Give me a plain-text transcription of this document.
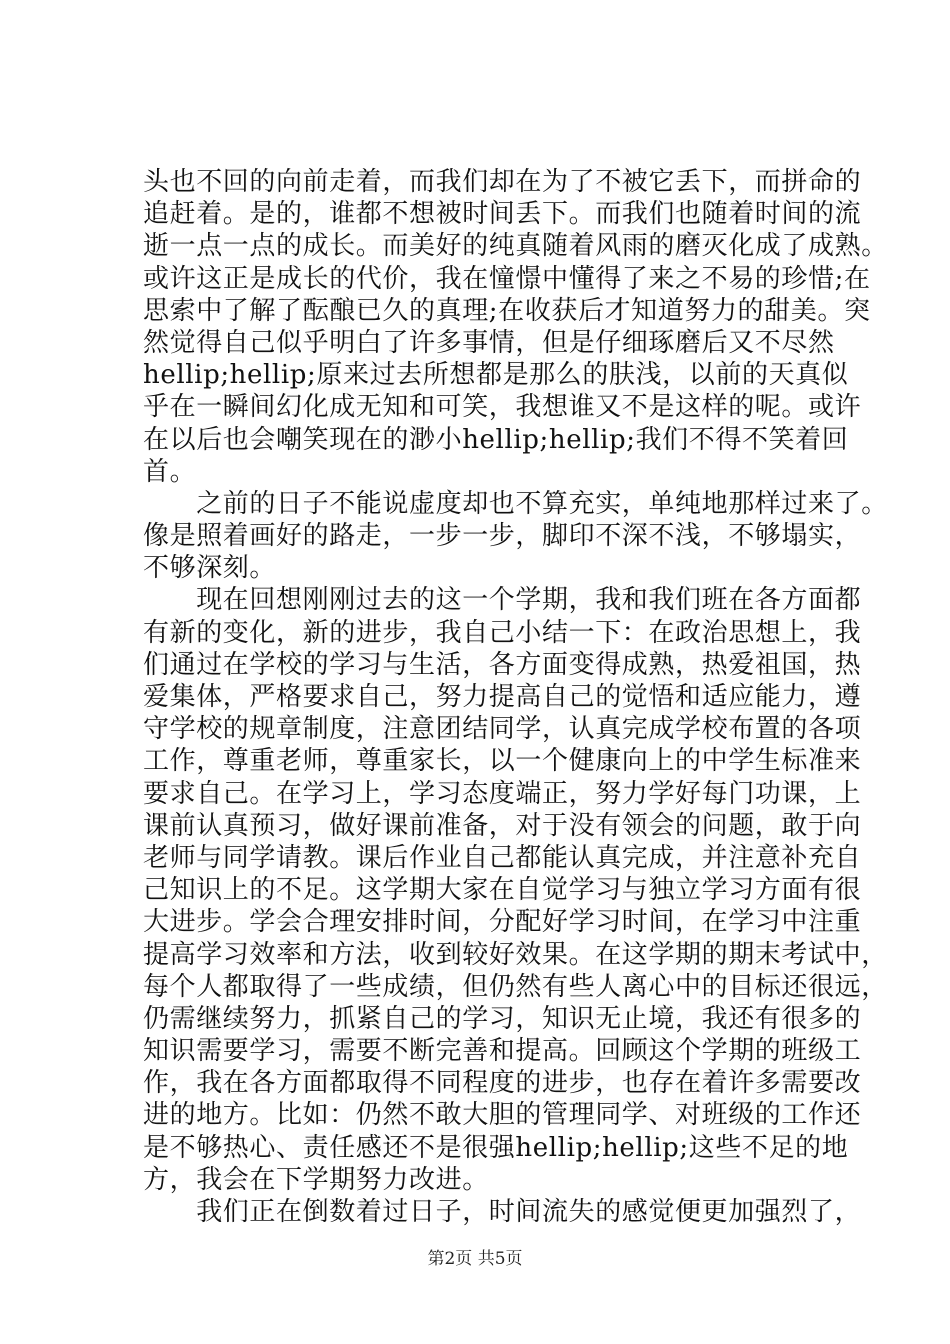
头也不回的向前走着，而我们却在为了不被它丢下，而拼命的
追赶着。是的，谁都不想被时间丢下。而我们也随着时间的流
逝一点一点的成长。而美好的纯真随着风雨的磨灭化成了成熟。
或许这正是成长的代价，我在憧憬中懂得了来之不易的珍惜;在
思索中了解了酝酿已久的真理;在收获后才知道努力的甜美。突
然觉得自己似乎明白了许多事情，但是仔细琢磨后又不尽然
hellip;hellip;原来过去所想都是那么的肤浅，以前的天真似
乎在一瞬间幻化成无知和可笑，我想谁又不是这样的呢。或许
在以后也会嘲笑现在的渺小hellip;hellip;我们不得不笑着回
首。
　　之前的日子不能说虚度却也不算充实，单纯地那样过来了。
像是照着画好的路走，一步一步，脚印不深不浅，不够塌实，
不够深刻。
　　现在回想刚刚过去的这一个学期，我和我们班在各方面都
有新的变化，新的进步，我自己小结一下：在政治思想上，我
们通过在学校的学习与生活，各方面变得成熟，热爱祖国，热
爱集体，严格要求自己，努力提高自己的觉悟和适应能力，遵
守学校的规章制度，注意团结同学，认真完成学校布置的各项
工作，尊重老师，尊重家长，以一个健康向上的中学生标准来
要求自己。在学习上，学习态度端正，努力学好每门功课，上
课前认真预习，做好课前准备，对于没有领会的问题，敢于向
老师与同学请教。课后作业自己都能认真完成，并注意补充自
己知识上的不足。这学期大家在自觉学习与独立学习方面有很
大进步。学会合理安排时间，分配好学习时间，在学习中注重
提高学习效率和方法，收到较好效果。在这学期的期末考试中，
每个人都取得了一些成绩，但仍然有些人离心中的目标还很远，
仍需继续努力，抓紧自己的学习，知识无止境，我还有很多的
知识需要学习，需要不断完善和提高。回顾这个学期的班级工
作，我在各方面都取得不同程度的进步，也存在着许多需要改
进的地方。比如：仍然不敢大胆的管理同学、对班级的工作还
是不够热心、责任感还不是很强hellip;hellip;这些不足的地
方，我会在下学期努力改进。
　　我们正在倒数着过日子，时间流失的感觉便更加强烈了，
第2页 共5页
